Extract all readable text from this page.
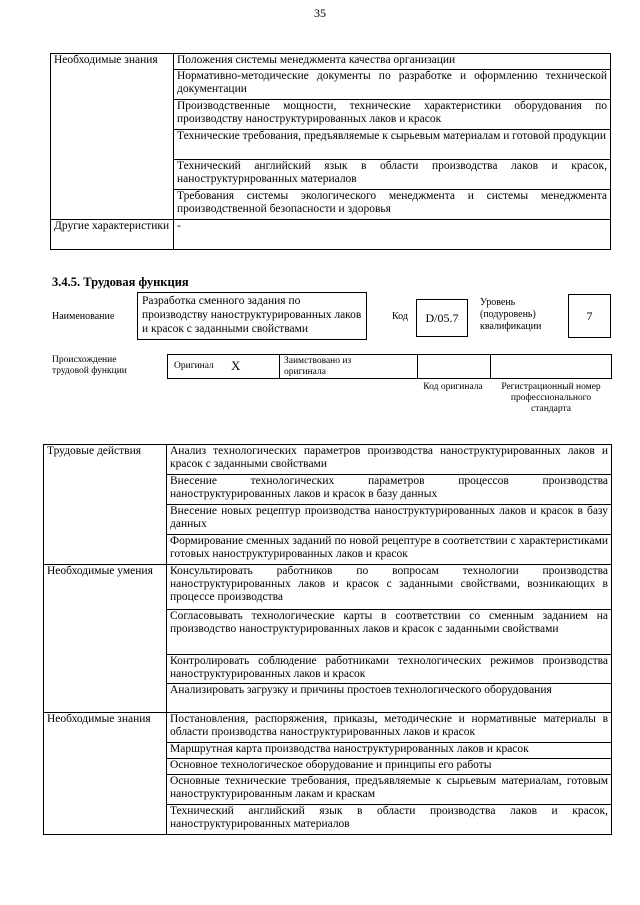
35
Необходимые знания	Положения системы менеджмента качества организации
	Нормативно-методические документы по разработке и оформлению технической документации
	Производственные мощности, технические характеристики оборудования по производству наноструктурированных лаков и красок
	Технические требования, предъявляемые к сырьевым материалам и готовой продукции
	Технический английский язык в области производства лаков и красок, наноструктурированных материалов
	Требования системы экологического менеджмента и системы менеджмента производственной безопасности и здоровья
Другие характеристики	-
3.4.5. Трудовая функция
Наименование
Разработка сменного задания по производству наноструктурированных лаков и красок с заданными свойствами
Код	D/05.7
Уровень (подуровень) квалификации
7
Происхождение трудовой функции	Оригинал X	Заимствовано из оригинала
Код оригинала	Регистрационный номер профессионального стандарта
Трудовые действия	Анализ технологических параметров производства наноструктурированных лаков и красок с заданными свойствами
	Внесение технологических параметров процессов производства наноструктурированных лаков и красок в базу данных
	Внесение новых рецептур производства наноструктурированных лаков и красок в базу данных
	Формирование сменных заданий по новой рецептуре в соответствии с характеристиками готовых наноструктурированных лаков и красок
Необходимые умения	Консультировать работников по вопросам технологии производства наноструктурированных лаков и красок с заданными свойствами, возникающих в процессе производства
	Согласовывать технологические карты в соответствии со сменным заданием на производство наноструктурированных лаков и красок с заданными свойствами
	Контролировать соблюдение работниками технологических режимов производства наноструктурированных лаков и красок
	Анализировать загрузку и причины простоев технологического оборудования
Необходимые знания	Постановления, распоряжения, приказы, методические и нормативные материалы в области производства наноструктурированных лаков и красок
	Маршрутная карта производства наноструктурированных лаков и красок
	Основное технологическое оборудование и принципы его работы
	Основные технические требования, предъявляемые к сырьевым материалам, готовым наноструктурированным лакам и краскам
	Технический английский язык в области производства лаков и красок, наноструктурированных материалов
